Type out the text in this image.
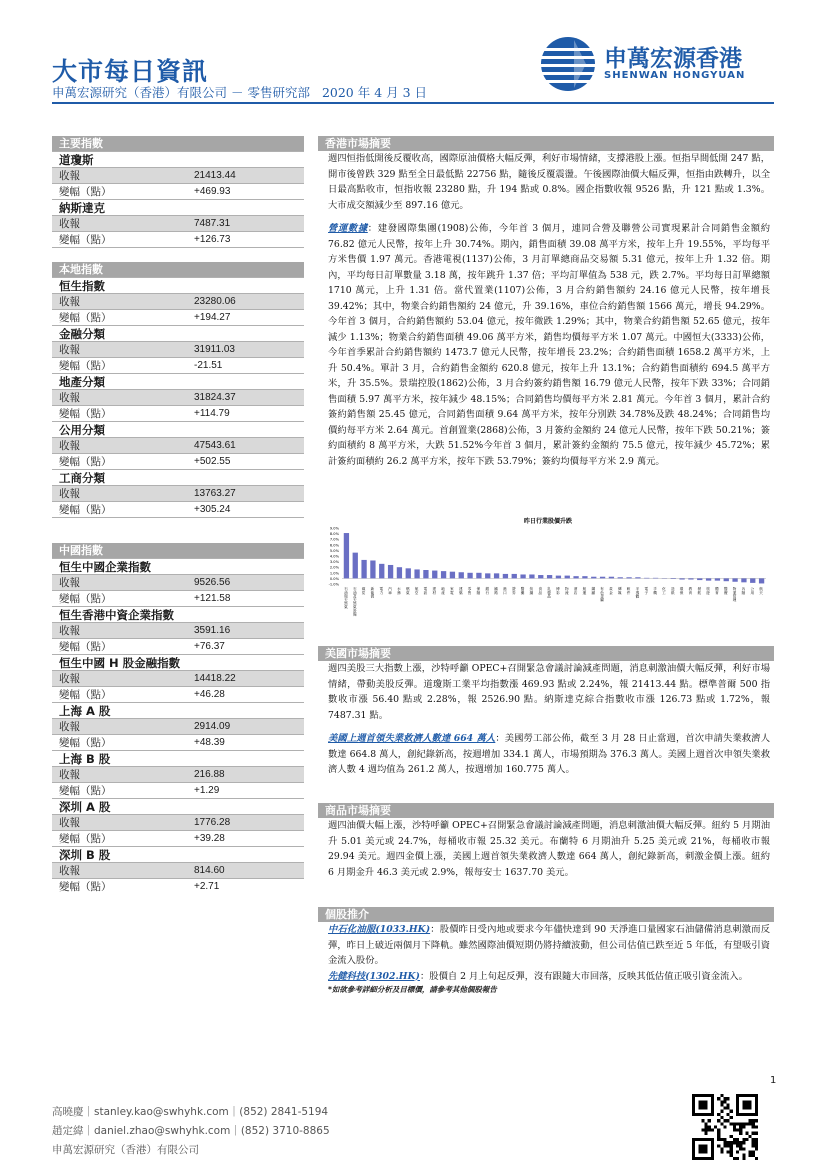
大市每日資訊
申萬宏源研究（香港）有限公司 － 零售研究部 2020 年 4 月 3 日
申萬宏源香港
SHENWAN HONGYUAN
主要指數
道瓊斯
收報	21413.44
變幅（點）	+469.93
納斯達克
收報	7487.31
變幅（點）	+126.73
本地指數
恒生指數
收報	23280.06
變幅（點）	+194.27
金融分類
收報	31911.03
變幅（點）	-21.51
地產分類
收報	31824.37
變幅（點）	+114.79
公用分類
收報	47543.61
變幅（點）	+502.55
工商分類
收報	13763.27
變幅（點）	+305.24
中國指數
恒生中國企業指數
收報	9526.56
變幅（點）	+121.58
恒生香港中資企業指數
收報	3591.16
變幅（點）	+76.37
恒生中國 H 股金融指數
收報	14418.22
變幅（點）	+46.28
上海 A 股
收報	2914.09
變幅（點）	+48.39
上海 B 股
收報	216.88
變幅（點）	+1.29
深圳 A 股
收報	1776.28
變幅（點）	+39.28
深圳 B 股
收報	814.60
變幅（點）	+2.71
香港市場摘要
週四恒指低開後反覆收高，國際原油價格大幅反彈，利好市場情緒，支撐港股上漲。恒指早間低開 247 點，開市後曾跌 329 點至全日最低點 22756 點，隨後反覆震盪。午後國際油價大幅反彈，恒指由跌轉升，以全日最高點收市，恒指收報 23280 點，升 194 點或 0.8%。國企指數收報 9526 點，升 121 點或 1.3%。大市成交額減少至 897.16 億元。
營運數據：建發國際集團(1908)公佈，今年首 3 個月，連同合營及聯營公司實現累計合同銷售金額約 76.82 億元人民幣，按年上升 30.74%。期內，銷售面積 39.08 萬平方米，按年上升 19.55%，平均每平方米售價 1.97 萬元。香港電視(1137)公佈，3 月訂單總商品交易額 5.31 億元，按年上升 1.32 倍。期內，平均每日訂單數量 3.18 萬，按年跳升 1.37 倍；平均訂單值為 538 元，跌 2.7%。平均每日訂單總額 1710 萬元，上升 1.31 倍。當代置業(1107)公佈，3 月合約銷售額約 24.16 億元人民幣，按年增長 39.42%；其中，物業合約銷售額約 24 億元，升 39.16%，車位合約銷售額 1566 萬元，增長 94.29%。今年首 3 個月，合約銷售額約 53.04 億元，按年微跌 1.29%；其中，物業合約銷售額 52.65 億元，按年減少 1.13%；物業合約銷售面積 49.06 萬平方米，銷售均價每平方米 1.07 萬元。中國恒大(3333)公佈，今年首季累計合約銷售額約 1473.7 億元人民幣，按年增長 23.2%；合約銷售面積 1658.2 萬平方米，上升 50.4%。單計 3 月，合約銷售金額約 620.8 億元，按年上升 13.1%；合約銷售面積約 694.5 萬平方米，升 35.5%。景瑞控股(1862)公佈，3 月合約簽約銷售額 16.79 億元人民幣，按年下跌 33%；合同銷售面積 5.97 萬平方米，按年減少 48.15%；合同銷售均價每平方米 2.81 萬元。今年首 3 個月，累計合約簽約銷售額 25.45 億元，合同銷售面積 9.64 萬平方米，按年分別跌 34.78%及跌 48.24%；合同銷售均價約每平方米 2.64 萬元。首創置業(2868)公佈，3 月簽約金額約 24 億元人民幣，按年下跌 50.21%；簽約面積約 8 萬平方米，大跌 51.52%今年首 3 個月，累計簽約金額約 75.5 億元，按年減少 45.72%；累計簽約面積約 26.2 萬平方米，按年下跌 53.79%；簽約均價每平方米 2.9 萬元。
昨日行業股價升跌
9.0%
8.0%
7.0%
6.0%
5.0%
4.0%
3.0%
2.0%
1.0%
0.0%
-1.0%
石油與天然氣	石油及天然氣設備	煤炭	新能源	電力	汽車	水務	燃氣	航空	電訊	建材	地產	家電	建築	零售	保險	銀行	鐵路	港口	證券	醫藥	紡織	食品	乳製品	博彩	物流	酒店	航運	鋼鐵	有色金屬	黃金	傳媒	軟件	半導體	電子	手機	化工	造紙	環保	教育	餐飲	旅遊	體育	醫療	物業管理	內險	公用	航天
美國市場摘要
週四美股三大指數上漲，沙特呼籲 OPEC+召開緊急會議討論減產問題，消息刺激油價大幅反彈，利好市場情緒，帶動美股反彈。道瓊斯工業平均指數漲 469.93 點或 2.24%，報 21413.44 點。標準普爾 500 指數收市漲 56.40 點或 2.28%，報 2526.90 點。納斯達克綜合指數收市漲 126.73 點或 1.72%，報 7487.31 點。
美國上週首領失業救濟人數達 664 萬人：美國勞工部公佈，截至 3 月 28 日止當週，首次申請失業救濟人數達 664.8 萬人，創紀錄新高，按週增加 334.1 萬人，市場預期為 376.3 萬人。美國上週首次申領失業救濟人數 4 週均值為 261.2 萬人，按週增加 160.775 萬人。
商品市場摘要
週四油價大幅上漲，沙特呼籲 OPEC+召開緊急會議討論減產問題，消息刺激油價大幅反彈。紐約 5 月期油升 5.01 美元或 24.7%，每桶收市報 25.32 美元。布蘭特 6 月期油升 5.25 美元或 21%，每桶收市報 29.94 美元。週四金價上漲，美國上週首領失業救濟人數達 664 萬人，創紀錄新高，刺激金價上漲。紐約 6 月期金升 46.3 美元或 2.9%，報每安士 1637.70 美元。
個股推介
中石化油服(1033.HK)：股價昨日受內地或要求今年儘快達到 90 天淨進口量國家石油儲備消息刺激而反彈，昨日上破近兩個月下降軌。雖然國際油價短期仍將持續波動，但公司估值已跌至近 5 年低，有望吸引資金流入股份。
先健科技(1302.HK)：股價自 2 月上旬起反彈，沒有跟隨大市回落，反映其低估值正吸引資金流入。
*如欲參考詳細分析及目標價，請參考其他個股報告
1
高曉慶｜stanley.kao@swhyhk.com｜(852) 2841-5194
趙定緯｜daniel.zhao@swhyhk.com｜(852) 3710-8865
申萬宏源研究（香港）有限公司
